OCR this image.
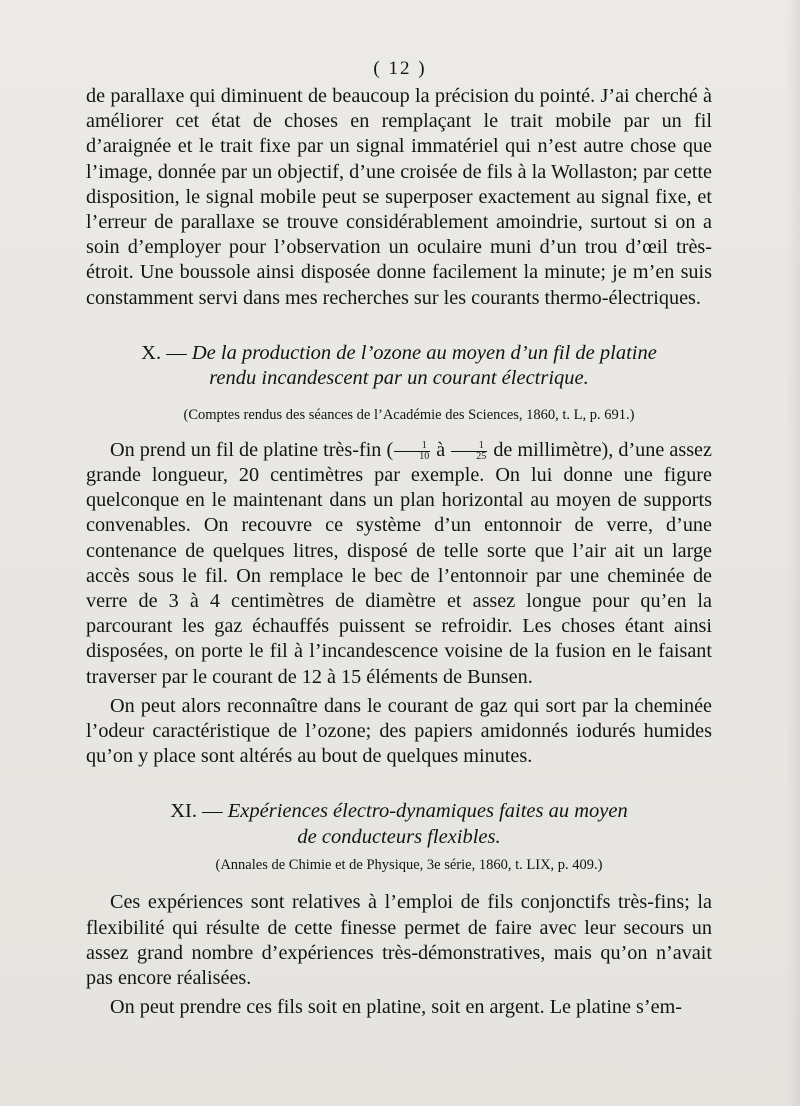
( 12 )

de parallaxe qui diminuent de beaucoup la précision du pointé. J’ai cherché à améliorer cet état de choses en remplaçant le trait mobile par un fil d’araignée et le trait fixe par un signal immatériel qui n’est autre chose que l’image, donnée par un objectif, d’une croisée de fils à la Wollaston; par cette disposition, le signal mobile peut se superposer exactement au signal fixe, et l’erreur de parallaxe se trouve considérablement amoindrie, surtout si on a soin d’employer pour l’observation un oculaire muni d’un trou d’œil très-étroit. Une boussole ainsi disposée donne facilement la minute; je m’en suis constamment servi dans mes recherches sur les courants thermo-électriques.

X. — De la production de l’ozone au moyen d’un fil de platine
rendu incandescent par un courant électrique.

(Comptes rendus des séances de l’Académie des Sciences, 1860, t. L, p. 691.)

On prend un fil de platine très-fin ( $\frac{1}{10}$ à $\frac{1}{25}$ de millimètre), d’une assez grande longueur, 20 centimètres par exemple. On lui donne une figure quelconque en le maintenant dans un plan horizontal au moyen de supports convenables. On recouvre ce système d’un entonnoir de verre, d’une contenance de quelques litres, disposé de telle sorte que l’air ait un large accès sous le fil. On remplace le bec de l’entonnoir par une cheminée de verre de 3 à 4 centimètres de diamètre et assez longue pour qu’en la parcourant les gaz échauffés puissent se refroidir. Les choses étant ainsi disposées, on porte le fil à l’incandescence voisine de la fusion en le faisant traverser par le courant de 12 à 15 éléments de Bunsen.

On peut alors reconnaître dans le courant de gaz qui sort par la cheminée l’odeur caractéristique de l’ozone; des papiers amidonnés iodurés humides qu’on y place sont altérés au bout de quelques minutes.

XI. — Expériences électro-dynamiques faites au moyen
de conducteurs flexibles.

(Annales de Chimie et de Physique, 3e série, 1860, t. LIX, p. 409.)

Ces expériences sont relatives à l’emploi de fils conjonctifs très-fins; la flexibilité qui résulte de cette finesse permet de faire avec leur secours un assez grand nombre d’expériences très-démonstratives, mais qu’on n’avait pas encore réalisées.

On peut prendre ces fils soit en platine, soit en argent. Le platine s’em-
